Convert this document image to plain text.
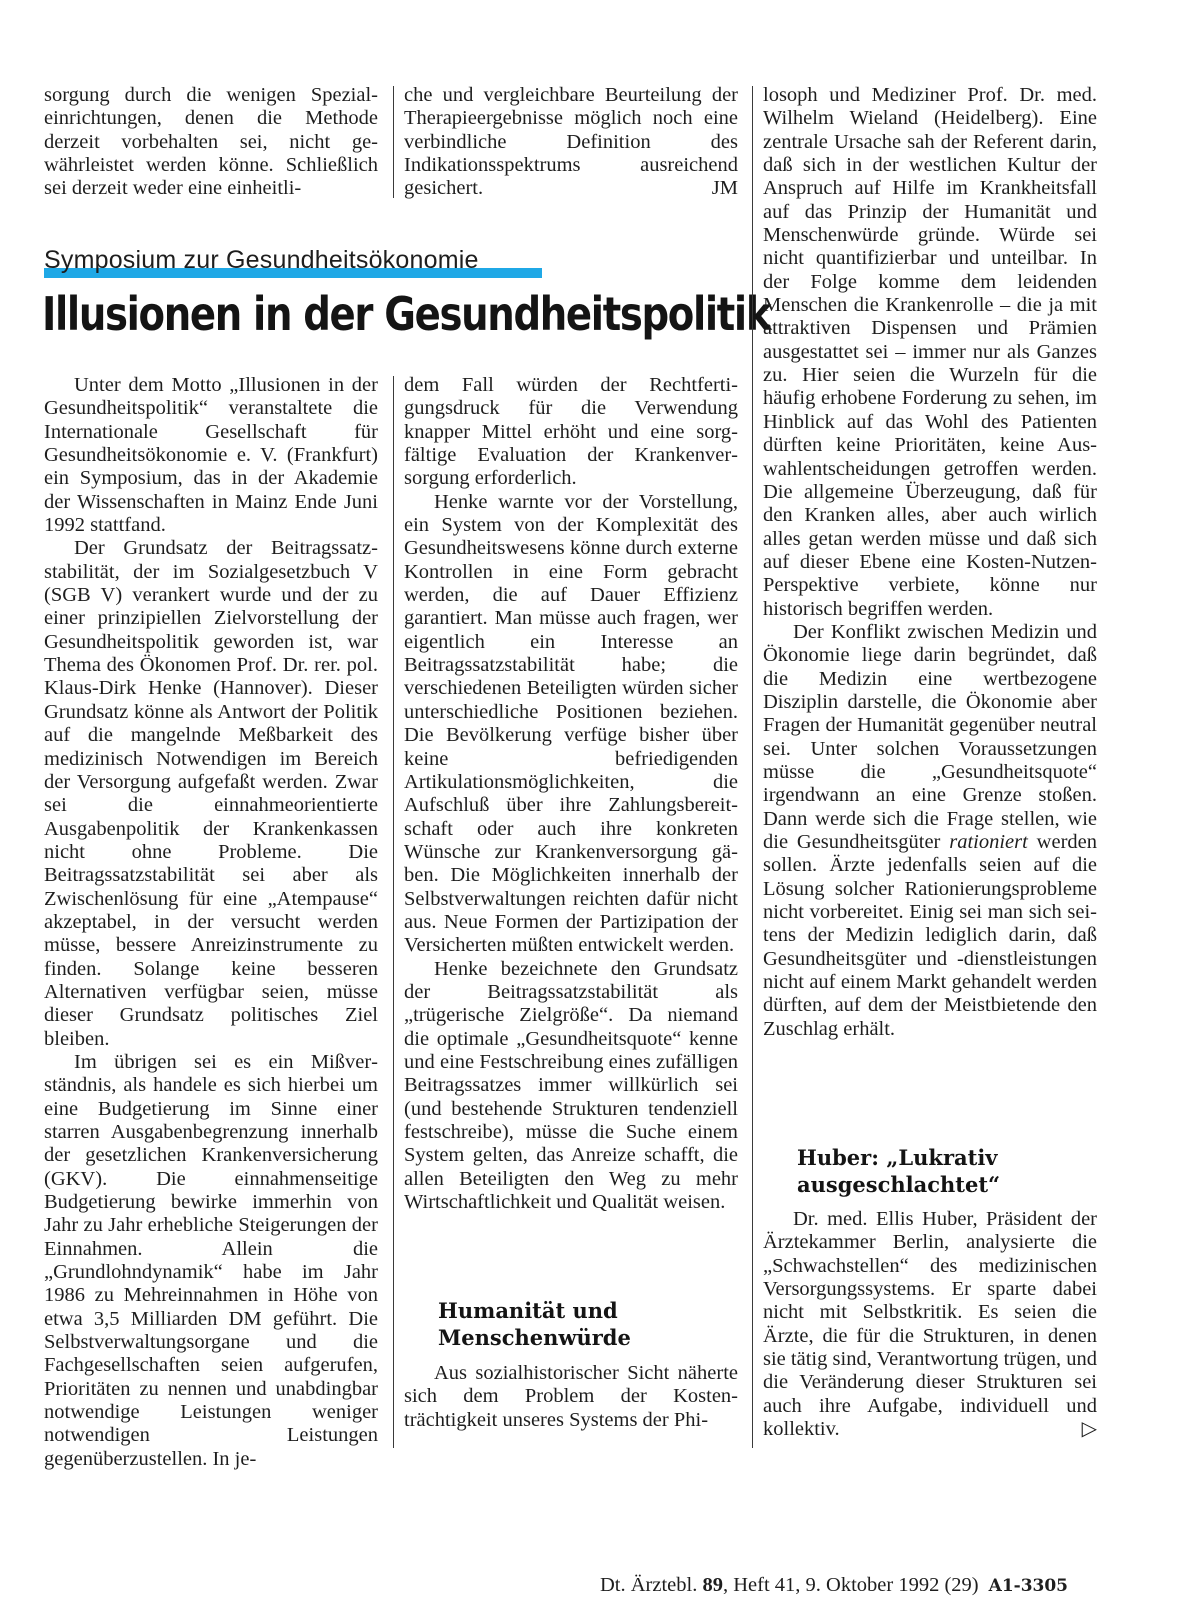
sorgung durch die wenigen Spezialeinrichtungen, denen die Methode derzeit vorbehalten sei, nicht gewährleistet werden könne. Schließlich sei derzeit weder eine einheitli-

che und vergleichbare Beurteilung der Therapieergebnisse möglich noch eine verbindliche Definition des Indikationsspektrums ausreichend gesichert.	JM

Symposium zur Gesundheitsökonomie
Illusionen in der Gesundheitspolitik

Unter dem Motto „Illusionen in der Gesundheitspolitik“ veranstaltete die Internationale Gesellschaft für Gesundheitsökonomie e. V. (Frankfurt) ein Symposium, das in der Akademie der Wissenschaften in Mainz Ende Juni 1992 stattfand.

Der Grundsatz der Beitragssatzstabilität, der im Sozialgesetzbuch V (SGB V) verankert wurde und der zu einer prinzipiellen Zielvorstellung der Gesundheitspolitik geworden ist, war Thema des Ökonomen Prof. Dr. rer. pol. Klaus-Dirk Henke (Hannover). Dieser Grundsatz könne als Antwort der Politik auf die mangelnde Meßbarkeit des medizinisch Notwendigen im Bereich der Versorgung aufgefaßt werden. Zwar sei die einnahmeorientierte Ausgabenpolitik der Krankenkassen nicht ohne Probleme. Die Beitragssatzstabilität sei aber als Zwischenlösung für eine „Atempause“ akzeptabel, in der versucht werden müsse, bessere Anreizinstrumente zu finden. Solange keine besseren Alternativen verfügbar seien, müsse dieser Grundsatz politisches Ziel bleiben.

Im übrigen sei es ein Mißverständnis, als handele es sich hierbei um eine Budgetierung im Sinne einer starren Ausgabenbegrenzung innerhalb der gesetzlichen Krankenversicherung (GKV). Die einnahmenseitige Budgetierung bewirke immerhin von Jahr zu Jahr erhebliche Steigerungen der Einnahmen. Allein die „Grundlohndynamik“ habe im Jahr 1986 zu Mehreinnahmen in Höhe von etwa 3,5 Milliarden DM geführt. Die Selbstverwaltungsorgane und die Fachgesellschaften seien aufgerufen, Prioritäten zu nennen und unabdingbar notwendige Leistungen weniger notwendigen Leistungen gegenüberzustellen. In je-

dem Fall würden der Rechtfertigungsdruck für die Verwendung knapper Mittel erhöht und eine sorgfältige Evaluation der Krankenversorgung erforderlich.

Henke warnte vor der Vorstellung, ein System von der Komplexität des Gesundheitswesens könne durch externe Kontrollen in eine Form gebracht werden, die auf Dauer Effizienz garantiert. Man müsse auch fragen, wer eigentlich ein Interesse an Beitragssatzstabilität habe; die verschiedenen Beteiligten würden sicher unterschiedliche Positionen beziehen. Die Bevölkerung verfüge bisher über keine befriedigenden Artikulationsmöglichkeiten, die Aufschluß über ihre Zahlungsbereitschaft oder auch ihre konkreten Wünsche zur Krankenversorgung gäben. Die Möglichkeiten innerhalb der Selbstverwaltungen reichten dafür nicht aus. Neue Formen der Partizipation der Versicherten müßten entwickelt werden.

Henke bezeichnete den Grundsatz der Beitragssatzstabilität als „trügerische Zielgröße“. Da niemand die optimale „Gesundheitsquote“ kenne und eine Festschreibung eines zufälligen Beitragssatzes immer willkürlich sei (und bestehende Strukturen tendenziell festschreibe), müsse die Suche einem System gelten, das Anreize schafft, die allen Beteiligten den Weg zu mehr Wirtschaftlichkeit und Qualität weisen.

Humanität und Menschenwürde

Aus sozialhistorischer Sicht näherte sich dem Problem der Kostenträchtigkeit unseres Systems der Phi-

losoph und Mediziner Prof. Dr. med. Wilhelm Wieland (Heidelberg). Eine zentrale Ursache sah der Referent darin, daß sich in der westlichen Kultur der Anspruch auf Hilfe im Krankheitsfall auf das Prinzip der Humanität und Menschenwürde gründe. Würde sei nicht quantifizierbar und unteilbar. In der Folge komme dem leidenden Menschen die Krankenrolle – die ja mit attraktiven Dispensen und Prämien ausgestattet sei – immer nur als Ganzes zu. Hier seien die Wurzeln für die häufig erhobene Forderung zu sehen, im Hinblick auf das Wohl des Patienten dürften keine Prioritäten, keine Auswahlentscheidungen getroffen werden. Die allgemeine Überzeugung, daß für den Kranken alles, aber auch wirlich alles getan werden müsse und daß sich auf dieser Ebene eine Kosten-Nutzen-Perspektive verbiete, könne nur historisch begriffen werden.

Der Konflikt zwischen Medizin und Ökonomie liege darin begründet, daß die Medizin eine wertbezogene Disziplin darstelle, die Ökonomie aber Fragen der Humanität gegenüber neutral sei. Unter solchen Voraussetzungen müsse die „Gesundheitsquote“ irgendwann an eine Grenze stoßen. Dann werde sich die Frage stellen, wie die Gesundheitsgüter rationiert werden sollen. Ärzte jedenfalls seien auf die Lösung solcher Rationierungsprobleme nicht vorbereitet. Einig sei man sich seitens der Medizin lediglich darin, daß Gesundheitsgüter und -dienstleistungen nicht auf einem Markt gehandelt werden dürften, auf dem der Meistbietende den Zuschlag erhält.

Huber: „Lukrativ ausgeschlachtet“

Dr. med. Ellis Huber, Präsident der Ärztekammer Berlin, analysierte die „Schwachstellen“ des medizinischen Versorgungssystems. Er sparte dabei nicht mit Selbstkritik. Es seien die Ärzte, die für die Strukturen, in denen sie tätig sind, Verantwortung trügen, und die Veränderung dieser Strukturen sei auch ihre Aufgabe, individuell und kollektiv.	▷

Dt. Ärztebl. 89, Heft 41, 9. Oktober 1992 (29) A1-3305
